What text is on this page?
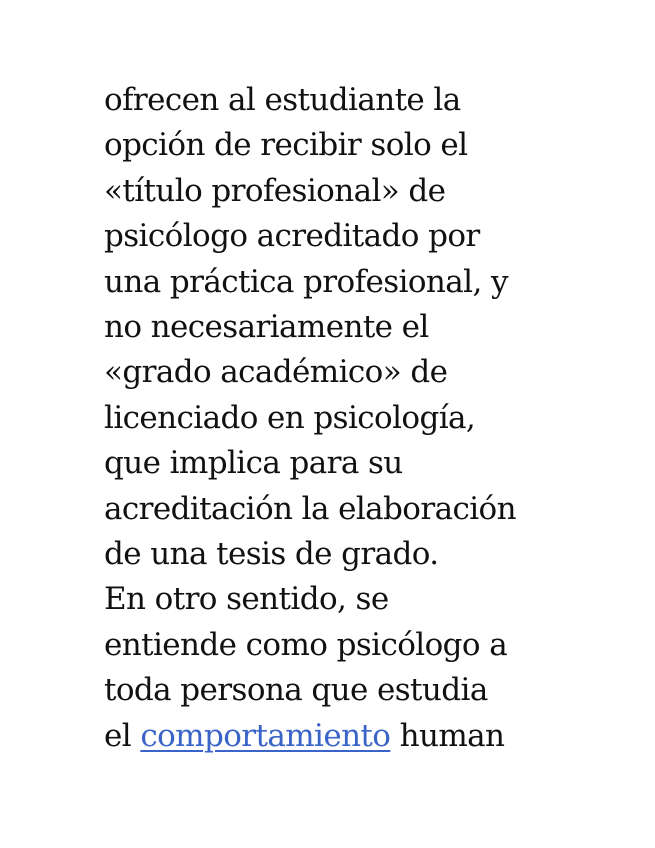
ofrecen al estudiante la
opción de recibir solo el
«título profesional» de
psicólogo acreditado por
una práctica profesional, y
no necesariamente el
«grado académico» de
licenciado en psicología,
que implica para su
acreditación la elaboración
de una tesis de grado.
En otro sentido, se
entiende como psicólogo a
toda persona que estudia
el comportamiento human
